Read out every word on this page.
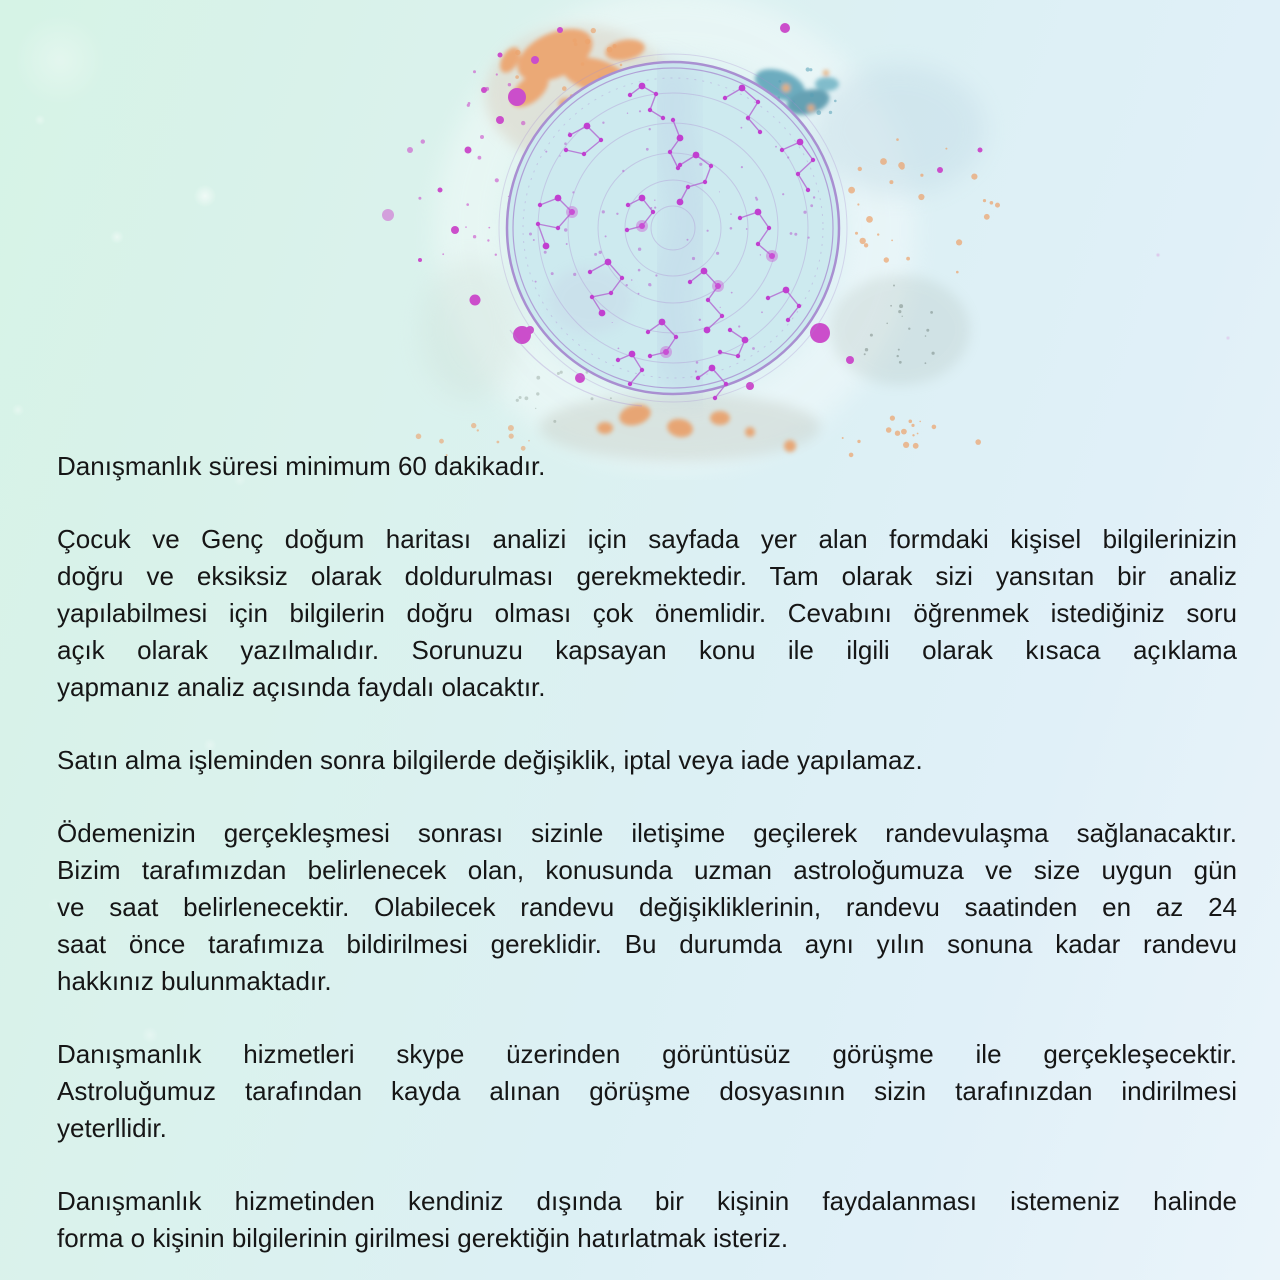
Danışmanlık süresi minimum 60 dakikadır.

Çocuk ve Genç doğum haritası analizi için sayfada yer alan formdaki kişisel bilgilerinizin
doğru ve eksiksiz olarak doldurulması gerekmektedir. Tam olarak sizi yansıtan bir analiz
yapılabilmesi için bilgilerin doğru olması çok önemlidir. Cevabını öğrenmek istediğiniz soru
açık olarak yazılmalıdır. Sorunuzu kapsayan konu ile ilgili olarak kısaca açıklama
yapmanız analiz açısında faydalı olacaktır.

Satın alma işleminden sonra bilgilerde değişiklik, iptal veya iade yapılamaz.

Ödemenizin gerçekleşmesi sonrası sizinle iletişime geçilerek randevulaşma sağlanacaktır.
Bizim tarafımızdan belirlenecek olan, konusunda uzman astroloğumuza ve size uygun gün
ve saat belirlenecektir. Olabilecek randevu değişikliklerinin, randevu saatinden en az 24
saat önce tarafımıza bildirilmesi gereklidir. Bu durumda aynı yılın sonuna kadar randevu
hakkınız bulunmaktadır.

Danışmanlık hizmetleri skype üzerinden görüntüsüz görüşme ile gerçekleşecektir.
Astroluğumuz tarafından kayda alınan görüşme dosyasının sizin tarafınızdan indirilmesi
yeterllidir.

Danışmanlık hizmetinden kendiniz dışında bir kişinin faydalanması istemeniz halinde
forma o kişinin bilgilerinin girilmesi gerektiğin hatırlatmak isteriz.
